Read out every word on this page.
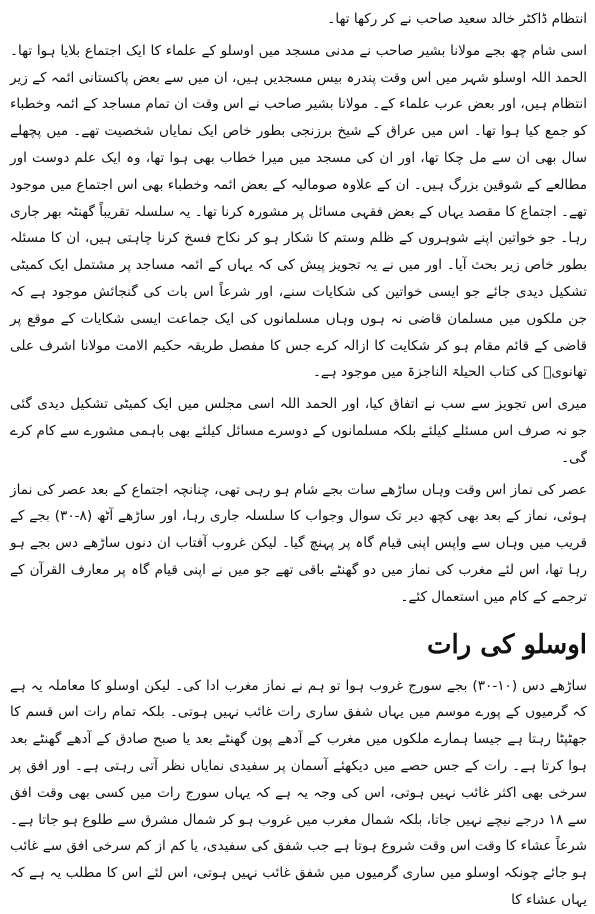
انتظام ڈاکٹر خالد سعید صاحب نے کر رکھا تھا۔

اسی شام چھ بجے مولانا بشیر صاحب نے مدنی مسجد میں اوسلو کے علماء کا ایک اجتماع بلایا ہوا تھا۔ الحمد اللہ اوسلو شہر میں اس وقت پندرہ بیس مسجدیں ہیں، ان میں سے بعض پاکستانی ائمہ کے زیر انتظام ہیں، اور بعض عرب علماء کے۔ مولانا بشیر صاحب نے اس وقت ان تمام مساجد کے ائمہ وخطباء کو جمع کیا ہوا تھا۔ اس میں عراق کے شیخ برزنجی بطور خاص ایک نمایاں شخصیت تھے۔ میں پچھلے سال بھی ان سے مل چکا تھا، اور ان کی مسجد میں میرا خطاب بھی ہوا تھا، وہ ایک علم دوست اور مطالعے کے شوقین بزرگ ہیں۔ ان کے علاوہ صومالیہ کے بعض ائمہ وخطباء بھی اس اجتماع میں موجود تھے۔ اجتماع کا مقصد یہاں کے بعض فقہی مسائل پر مشورہ کرنا تھا۔ یہ سلسلہ تقریباً گھنٹہ بھر جاری رہا۔ جو خواتین اپنے شوہروں کے ظلم وستم کا شکار ہو کر نکاح فسخ کرنا چاہتی ہیں، ان کا مسئلہ بطور خاص زیر بحث آیا۔ اور میں نے یہ تجویز پیش کی کہ یہاں کے ائمہ مساجد پر مشتمل ایک کمیٹی تشکیل دیدی جائے جو ایسی خواتین کی شکایات سنے، اور شرعاً اس بات کی گنجائش موجود ہے کہ جن ملکوں میں مسلمان قاضی نہ ہوں وہاں مسلمانوں کی ایک جماعت ایسی شکایات کے موقع پر قاضی کے قائم مقام ہو کر شکایت کا ازالہ کرے جس کا مفصل طریقہ حکیم الامت مولانا اشرف علی تھانویؒ کی کتاب الحیلۃ الناجزۃ میں موجود ہے۔

میری اس تجویز سے سب نے اتفاق کیا، اور الحمد اللہ اسی مجلس میں ایک کمیٹی تشکیل دیدی گئی جو نہ صرف اس مسئلے کیلئے بلکہ مسلمانوں کے دوسرے مسائل کیلئے بھی باہمی مشورے سے کام کرے گی۔

عصر کی نماز اس وقت وہاں ساڑھے سات بجے شام ہو رہی تھی، چنانچہ اجتماع کے بعد عصر کی نماز ہوئی، نماز کے بعد بھی کچھ دیر تک سوال وجواب کا سلسلہ جاری رہا، اور ساڑھے آٹھ (۸-۳۰) بجے کے قریب میں وہاں سے واپس اپنی قیام گاہ پر پہنچ گیا۔ لیکن غروب آفتاب ان دنوں ساڑھے دس بجے ہو رہا تھا، اس لئے مغرب کی نماز میں دو گھنٹے باقی تھے جو میں نے اپنی قیام گاہ پر معارف القرآن کے ترجمے کے کام میں استعمال کئے۔

اوسلو کی رات

ساڑھے دس (۱۰-۳۰) بجے سورج غروب ہوا تو ہم نے نماز مغرب ادا کی۔ لیکن اوسلو کا معاملہ یہ ہے کہ گرمیوں کے پورے موسم میں یہاں شفق ساری رات غائب نہیں ہوتی۔ بلکہ تمام رات اس قسم کا جھٹپٹا رہتا ہے جیسا ہمارے ملکوں میں مغرب کے آدھے پون گھنٹے بعد یا صبح صادق کے آدھے گھنٹے بعد ہوا کرتا ہے۔ رات کے جس حصے میں دیکھئے آسمان پر سفیدی نمایاں نظر آتی رہتی ہے۔ اور افق پر سرخی بھی اکثر غائب نہیں ہوتی، اس کی وجہ یہ ہے کہ یہاں سورج رات میں کسی بھی وقت افق سے ۱۸ درجے نیچے نہیں جاتا، بلکہ شمال مغرب میں غروب ہو کر شمال مشرق سے طلوع ہو جاتا ہے۔ شرعاً عشاء کا وقت اس وقت شروع ہوتا ہے جب شفق کی سفیدی، یا کم از کم سرخی افق سے غائب ہو جائے چونکہ اوسلو میں ساری گرمیوں میں شفق غائب نہیں ہوتی، اس لئے اس کا مطلب یہ ہے کہ یہاں عشاء کا
